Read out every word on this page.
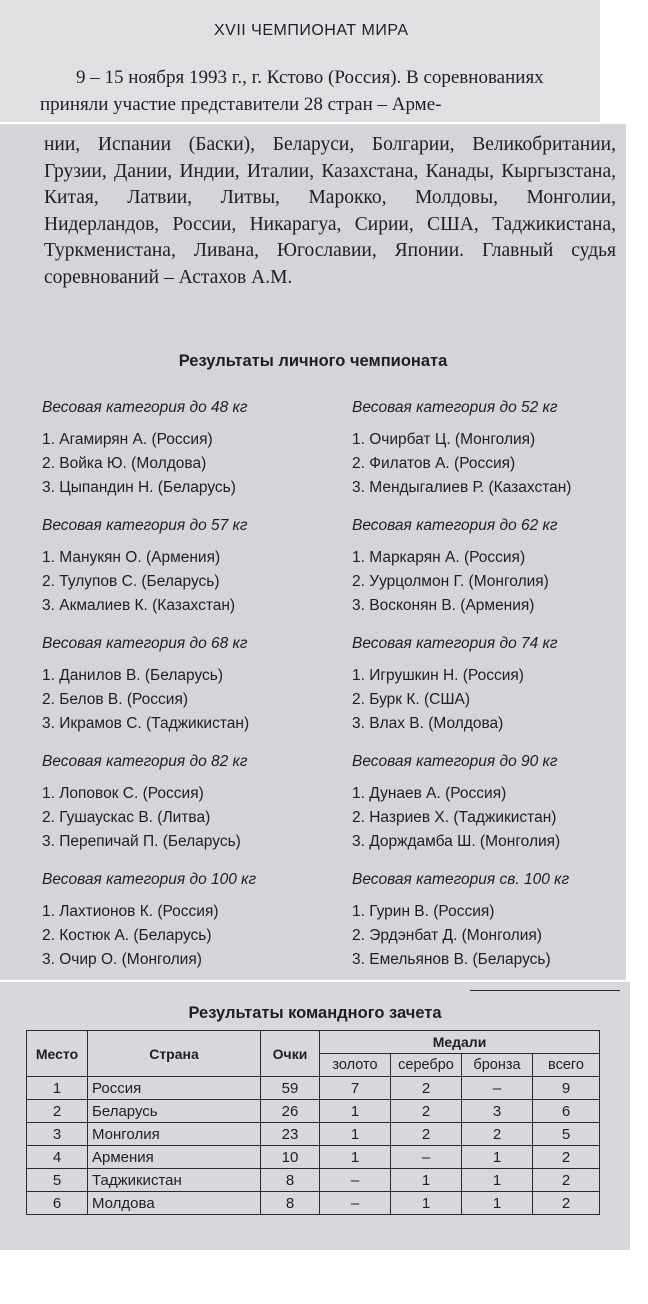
XVII ЧЕМПИОНАТ МИРА

9 – 15 ноября 1993 г., г. Кстово (Россия). В соревнованиях приняли участие представители 28 стран – Арме-

нии, Испании (Баски), Беларуси, Болгарии, Великобритании, Грузии, Дании, Индии, Италии, Казахстана, Канады, Кыргызстана, Китая, Латвии, Литвы, Марокко, Молдовы, Монголии, Нидерландов, России, Никарагуа, Сирии, США, Таджикистана, Туркменистана, Ливана, Югославии, Японии. Главный судья соревнований – Астахов А.М.

Результаты личного чемпионата
Весовая категория до 48 кг
1. Агамирян А. (Россия)
2. Войка Ю. (Молдова)
3. Цыпандин Н. (Беларусь)
Весовая категория до 52 кг
1. Очирбат Ц. (Монголия)
2. Филатов А. (Россия)
3. Мендыгалиев Р. (Казахстан)
Весовая категория до 57 кг
1. Манукян О. (Армения)
2. Тулупов С. (Беларусь)
3. Акмалиев К. (Казахстан)
Весовая категория до 62 кг
1. Маркарян А. (Россия)
2. Уурцолмон Г. (Монголия)
3. Восконян В. (Армения)
Весовая категория до 68 кг
1. Данилов В. (Беларусь)
2. Белов В. (Россия)
3. Икрамов С. (Таджикистан)
Весовая категория до 74 кг
1. Игрушкин Н. (Россия)
2. Бурк К. (США)
3. Влах В. (Молдова)
Весовая категория до 82 кг
1. Лоповок С. (Россия)
2. Гушаускас В. (Литва)
3. Перепичай П. (Беларусь)
Весовая категория до 90 кг
1. Дунаев А. (Россия)
2. Назриев Х. (Таджикистан)
3. Дорждамба Ш. (Монголия)
Весовая категория до 100 кг
1. Лахтионов К. (Россия)
2. Костюк А. (Беларусь)
3. Очир О. (Монголия)
Весовая категория св. 100 кг
1. Гурин В. (Россия)
2. Эрдэнбат Д. (Монголия)
3. Емельянов В. (Беларусь)
Результаты командного зачета
Место	Страна	Очки	Медали			
			золото	серебро	бронза	всего
1	Россия	59	7	2	–	9
2	Беларусь	26	1	2	3	6
3	Монголия	23	1	2	2	5
4	Армения	10	1	–	1	2
5	Таджикистан	8	–	1	1	2
6	Молдова	8	–	1	1	2
